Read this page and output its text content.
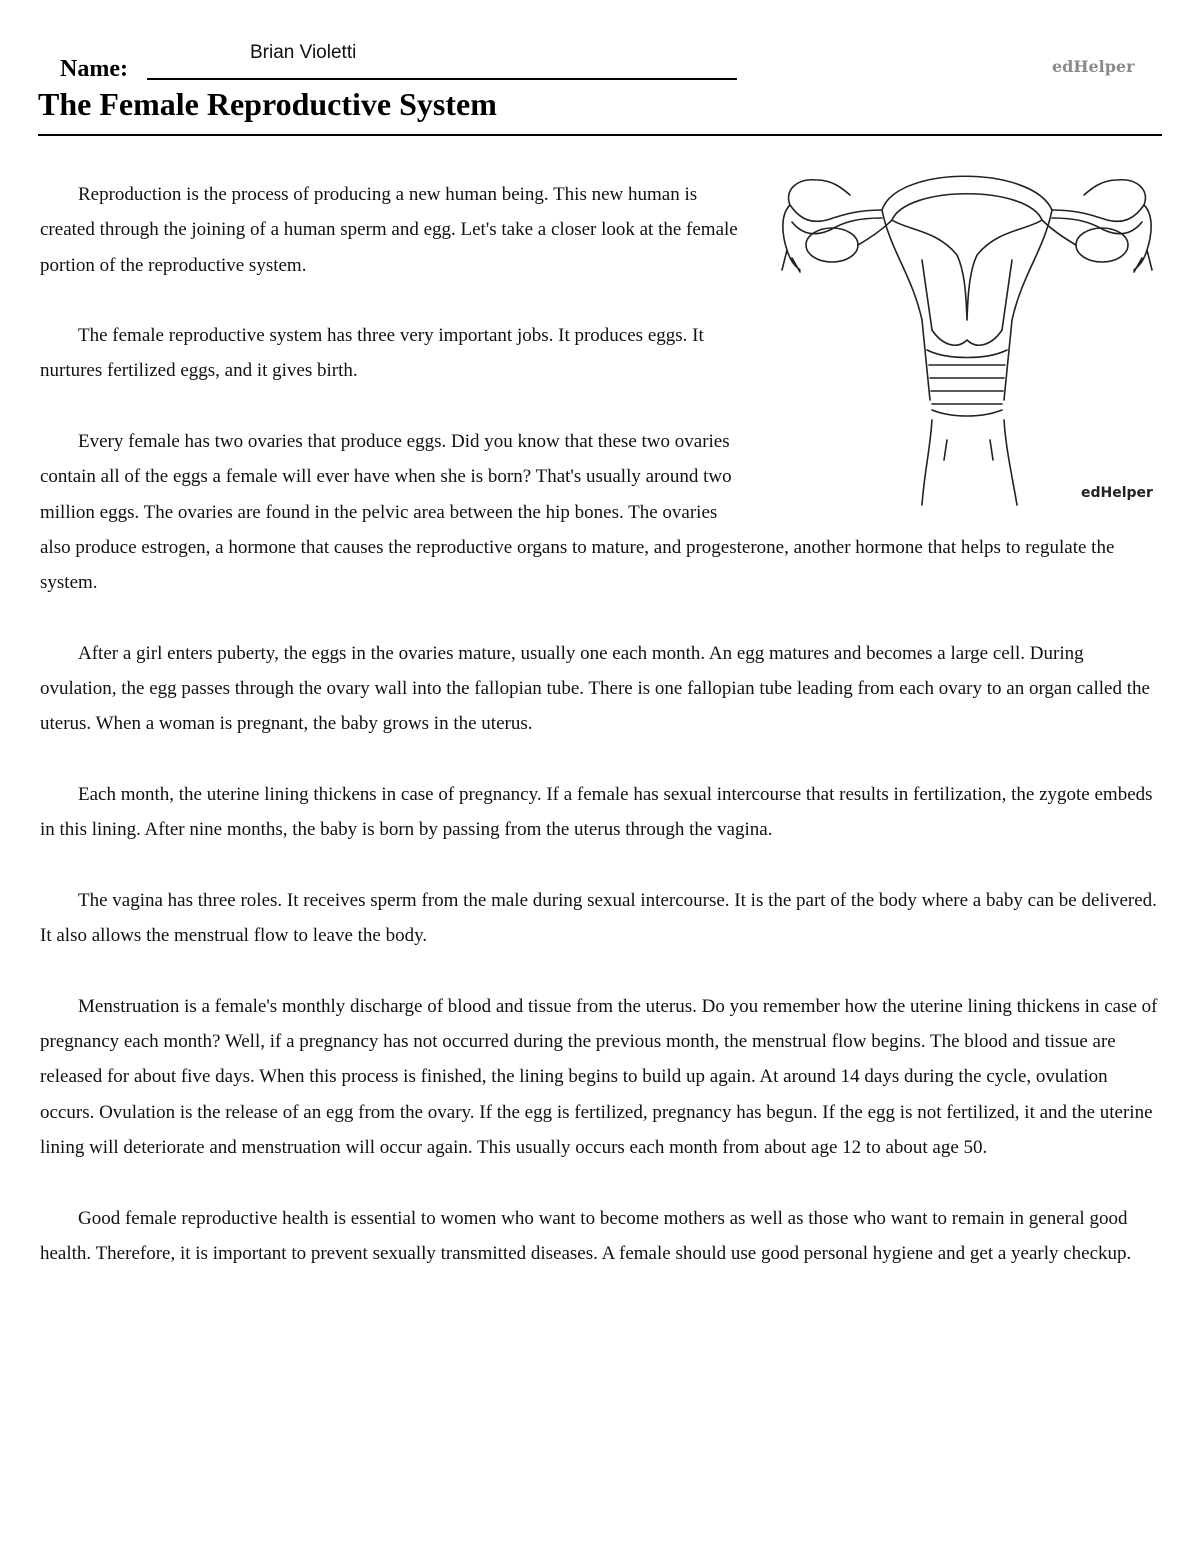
Name:
Brian Violetti
edHelper
The Female Reproductive System
edHelper

Reproduction is the process of producing a new human being. This new human is created through the joining of a human sperm and egg. Let's take a closer look at the female portion of the reproductive system.

The female reproductive system has three very important jobs. It produces eggs. It nurtures fertilized eggs, and it gives birth.

Every female has two ovaries that produce eggs. Did you know that these two ovaries contain all of the eggs a female will ever have when she is born? That's usually around two million eggs. The ovaries are found in the pelvic area between the hip bones. The ovaries also produce estrogen, a hormone that causes the reproductive organs to mature, and progesterone, another hormone that helps to regulate the system.

After a girl enters puberty, the eggs in the ovaries mature, usually one each month. An egg matures and becomes a large cell. During ovulation, the egg passes through the ovary wall into the fallopian tube. There is one fallopian tube leading from each ovary to an organ called the uterus. When a woman is pregnant, the baby grows in the uterus.

Each month, the uterine lining thickens in case of pregnancy. If a female has sexual intercourse that results in fertilization, the zygote embeds in this lining. After nine months, the baby is born by passing from the uterus through the vagina.

The vagina has three roles. It receives sperm from the male during sexual intercourse. It is the part of the body where a baby can be delivered. It also allows the menstrual flow to leave the body.

Menstruation is a female's monthly discharge of blood and tissue from the uterus. Do you remember how the uterine lining thickens in case of pregnancy each month? Well, if a pregnancy has not occurred during the previous month, the menstrual flow begins. The blood and tissue are released for about five days. When this process is finished, the lining begins to build up again. At around 14 days during the cycle, ovulation occurs. Ovulation is the release of an egg from the ovary. If the egg is fertilized, pregnancy has begun. If the egg is not fertilized, it and the uterine lining will deteriorate and menstruation will occur again. This usually occurs each month from about age 12 to about age 50.

Good female reproductive health is essential to women who want to become mothers as well as those who want to remain in general good health. Therefore, it is important to prevent sexually transmitted diseases. A female should use good personal hygiene and get a yearly checkup.
